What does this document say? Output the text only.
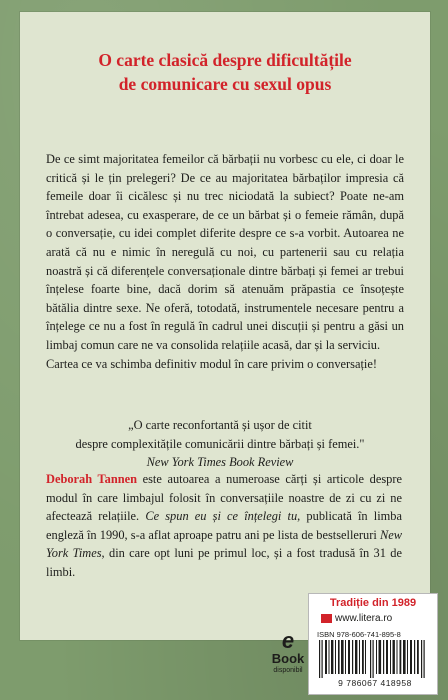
O carte clasică despre dificultățile
de comunicare cu sexul opus

De ce simt majoritatea femeilor că bărbații nu vorbesc cu ele, ci doar le critică și le țin prelegeri? De ce au majoritatea bărbaților impresia că femeile doar îi cicălesc și nu trec niciodată la subiect? Poate ne-am întrebat adesea, cu exasperare, de ce un bărbat și o femeie rămân, după o conversație, cu idei complet diferite despre ce s-a vorbit. Autoarea ne arată că nu e nimic în neregulă cu noi, cu partenerii sau cu relația noastră și că diferențele conversaționale dintre bărbați și femei ar trebui înțelese foarte bine, dacă dorim să atenuăm prăpastia ce însoțește bătălia dintre sexe. Ne oferă, totodată, instrumentele necesare pentru a înțelege ce nu a fost în regulă în cadrul unei discuții și pentru a găsi un limbaj comun care ne va consolida relațiile acasă, dar și la serviciu.

Cartea ce va schimba definitiv modul în care privim o conversație!

„O carte reconfortantă și ușor de citit
despre complexitățile comunicării dintre bărbați și femei."
New York Times Book Review
Deborah Tannen este autoarea a numeroase cărți și articole despre modul în care limbajul folosit în conversațiile noastre de zi cu zi ne afectează relațiile. Ce spun eu și ce înțelegi tu, publicată în limba engleză în 1990, s-a aflat aproape patru ani pe lista de bestselleruri New York Times, din care opt luni pe primul loc, și a fost tradusă în 31 de limbi.
e
Book
disponibil
Tradiție din 1989
www.litera.ro
ISBN 978-606-741-895-8
9 786067 418958
